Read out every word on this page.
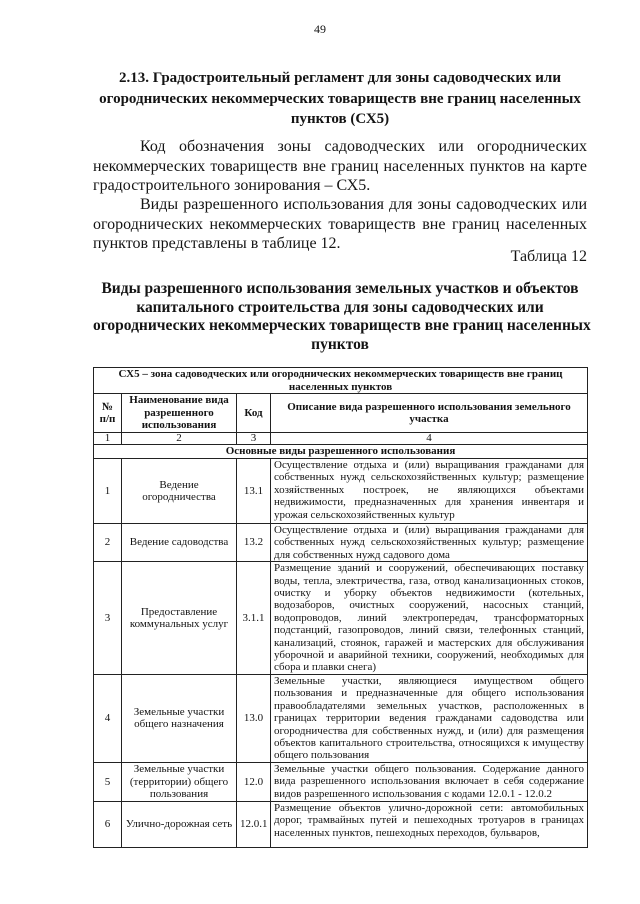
49
2.13. Градостроительный регламент для зоны садоводческих или
огороднических некоммерческих товариществ вне границ населенных
пунктов (СХ5)

Код обозначения зоны садоводческих или огороднических некоммерческих товариществ вне границ населенных пунктов на карте градостроительного зонирования – СХ5.

Виды разрешенного использования для зоны садоводческих или огороднических некоммерческих товариществ вне границ населенных пунктов представлены в таблице 12.

Таблица 12
Виды разрешенного использования земельных участков и объектов
капитального строительства для зоны садоводческих или
огороднических некоммерческих товариществ вне границ населенных
пунктов
СХ5 – зона садоводческих или огороднических некоммерческих товариществ вне границ населенных пунктов			
№ п/п	Наименование вида разрешенного использования	Код	Описание вида разрешенного использования земельного участка
1	2	3	4
Основные виды разрешенного использования			
1	Ведение огородничества	13.1	Осуществление отдыха и (или) выращивания гражданами для собственных нужд сельскохозяйственных культур; размещение хозяйственных построек, не являющихся объектами недвижимости, предназначенных для хранения инвентаря и урожая сельскохозяйственных культур
2	Ведение садоводства	13.2	Осуществление отдыха и (или) выращивания гражданами для собственных нужд сельскохозяйственных культур; размещение для собственных нужд садового дома
3	Предоставление коммунальных услуг	3.1.1	Размещение зданий и сооружений, обеспечивающих поставку воды, тепла, электричества, газа, отвод канализационных стоков, очистку и уборку объектов недвижимости (котельных, водозаборов, очистных сооружений, насосных станций, водопроводов, линий электропередач, трансформаторных подстанций, газопроводов, линий связи, телефонных станций, канализаций, стоянок, гаражей и мастерских для обслуживания уборочной и аварийной техники, сооружений, необходимых для сбора и плавки снега)
4	Земельные участки общего назначения	13.0	Земельные участки, являющиеся имуществом общего пользования и предназначенные для общего использования правообладателями земельных участков, расположенных в границах территории ведения гражданами садоводства или огородничества для собственных нужд, и (или) для размещения объектов капитального строительства, относящихся к имуществу общего пользования
5	Земельные участки (территории) общего пользования	12.0	Земельные участки общего пользования. Содержание данного вида разрешенного использования включает в себя содержание видов разрешенного использования с кодами 12.0.1 - 12.0.2
6	Улично-дорожная сеть	12.0.1	Размещение объектов улично-дорожной сети: автомобильных дорог, трамвайных путей и пешеходных тротуаров в границах населенных пунктов, пешеходных переходов, бульваров,
